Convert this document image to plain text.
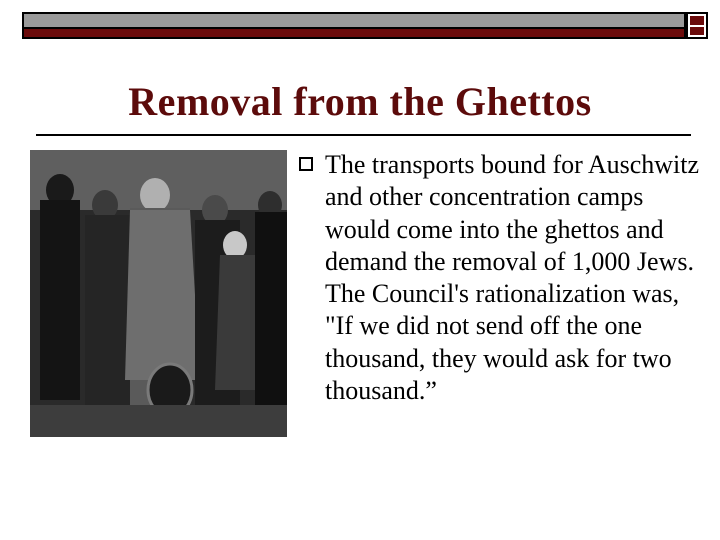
Removal from the Ghettos
The transports bound for Auschwitz and other concentration camps would come into the ghettos and demand the removal of 1,000 Jews. The Council's rationalization was, "If we did not send off the one thousand, they would ask for two thousand.”
